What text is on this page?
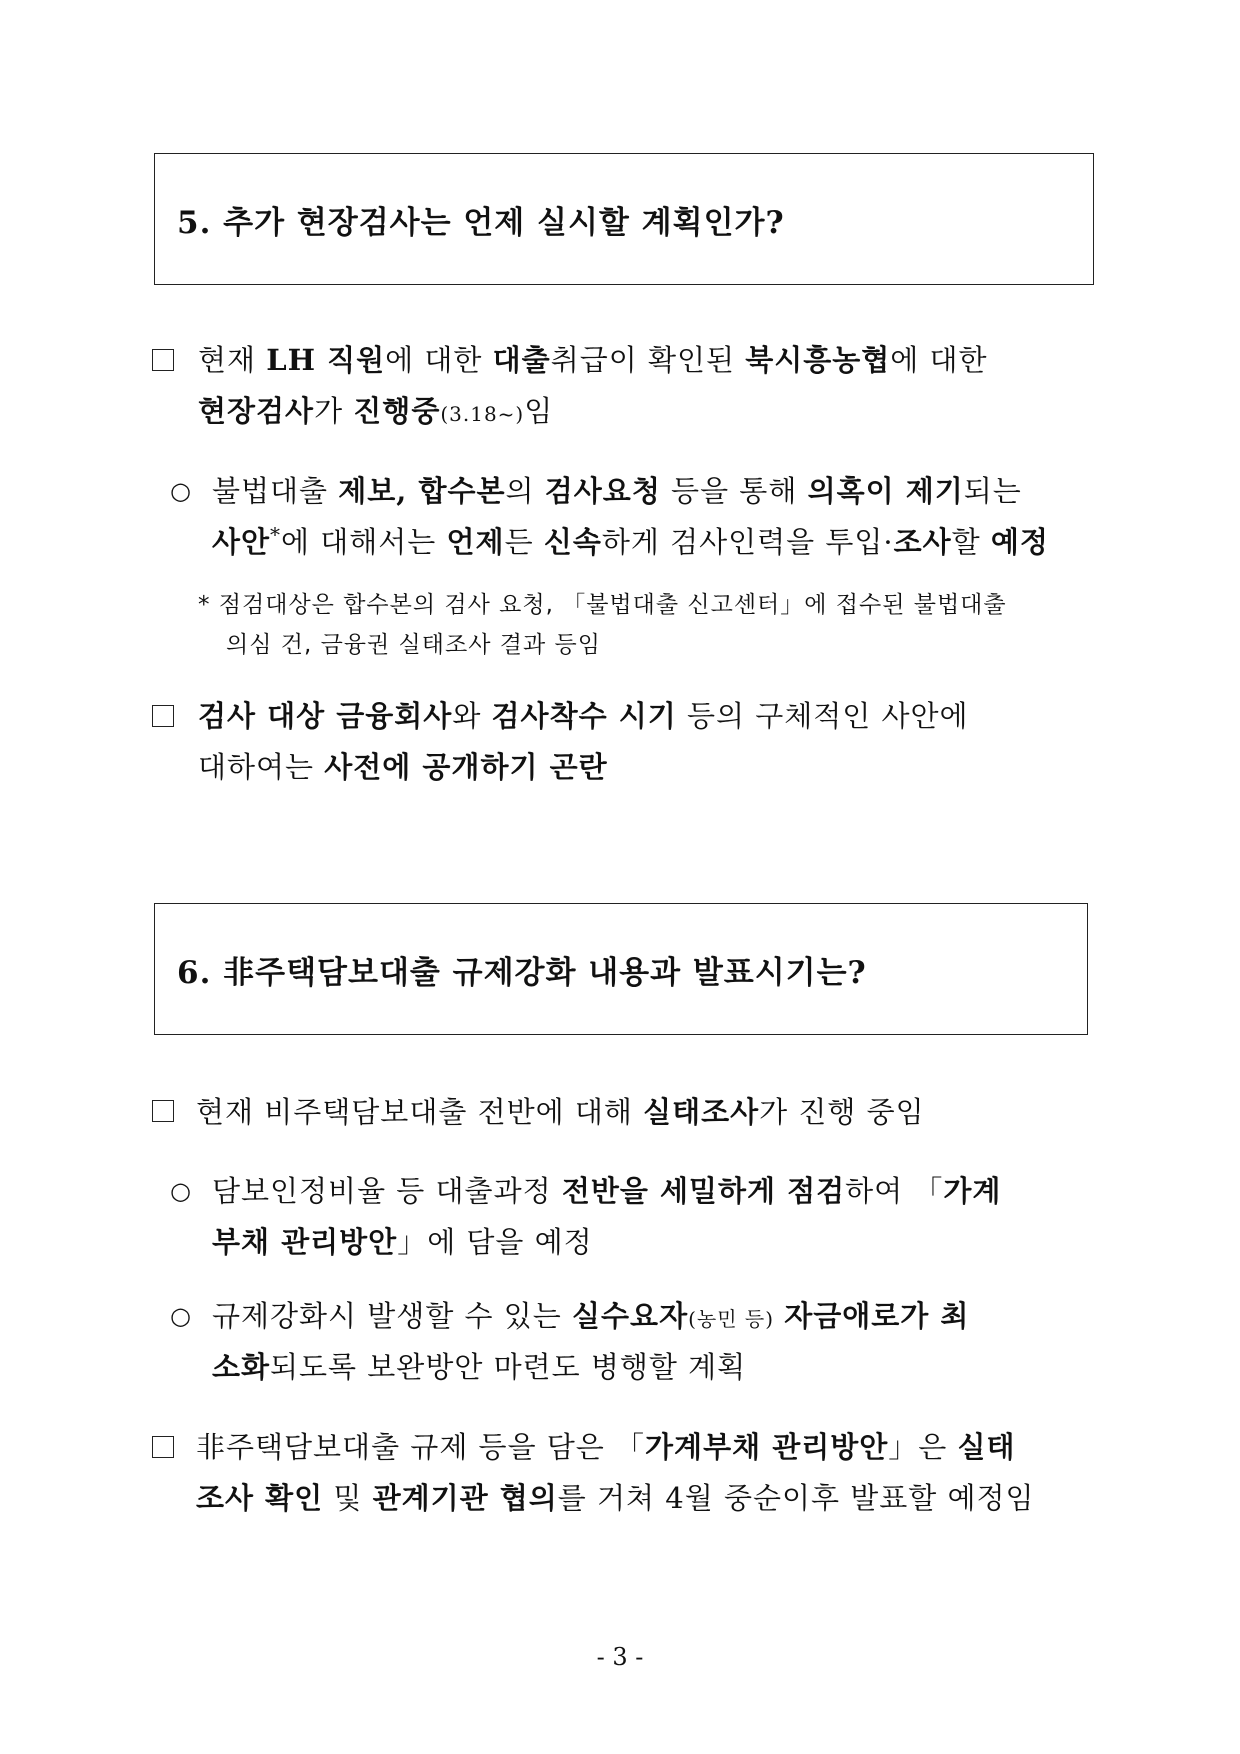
5. 추가 현장검사는 언제 실시할 계획인가?
현재 LH 직원에 대한 대출취급이 확인된 북시흥농협에 대한
현장검사가 진행중(3.18~)임
○ 불법대출 제보, 합수본의 검사요청 등을 통해 의혹이 제기되는
사안*에 대해서는 언제든 신속하게 검사인력을 투입·조사할 예정
* 점검대상은 합수본의 검사 요청, 「불법대출 신고센터」에 접수된 불법대출
의심 건, 금융권 실태조사 결과 등임
검사 대상 금융회사와 검사착수 시기 등의 구체적인 사안에
대하여는 사전에 공개하기 곤란
6. 非주택담보대출 규제강화 내용과 발표시기는?
현재 비주택담보대출 전반에 대해 실태조사가 진행 중임
○ 담보인정비율 등 대출과정 전반을 세밀하게 점검하여 「가계
부채 관리방안」에 담을 예정
○ 규제강화시 발생할 수 있는 실수요자(농민 등) 자금애로가 최
소화되도록 보완방안 마련도 병행할 계획
非주택담보대출 규제 등을 담은 「가계부채 관리방안」은 실태
조사 확인 및 관계기관 협의를 거쳐 4월 중순이후 발표할 예정임
- 3 -
